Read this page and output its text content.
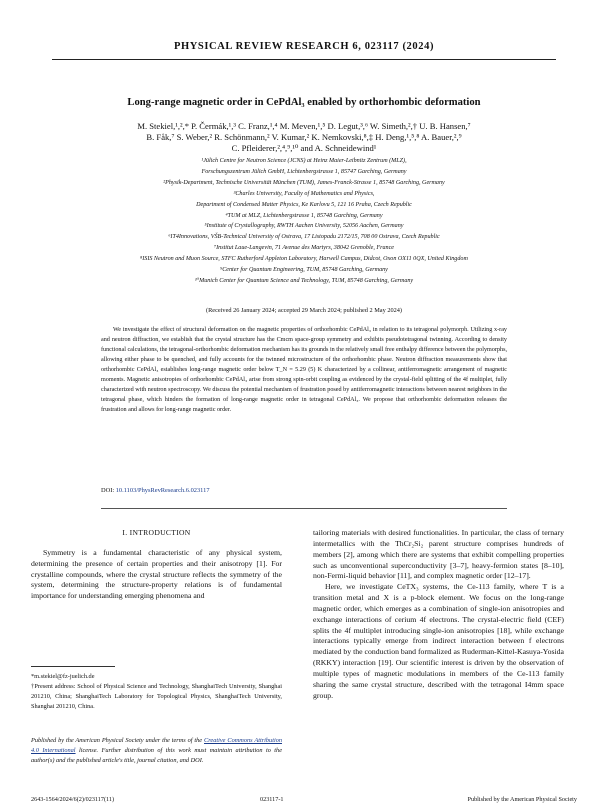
PHYSICAL REVIEW RESEARCH 6, 023117 (2024)
Long-range magnetic order in CePdAl₃ enabled by orthorhombic deformation
M. Stekiel,¹,²,* P. Čermák,¹,³ C. Franz,¹,⁴ M. Meven,¹,⁵ D. Legut,³,⁶ W. Simeth,²,† U. B. Hansen,⁷
B. Fåk,⁷ S. Weber,² R. Schönmann,² V. Kumar,² K. Nemkovski,⁸,‡ H. Deng,¹,⁵,⁸ A. Bauer,²,⁹
C. Pfleiderer,²,⁴,⁹,¹⁰ and A. Schneidewind¹
¹Jülich Centre for Neutron Science (JCNS) at Heinz Maier-Leibnitz Zentrum (MLZ),
Forschungszentrum Jülich GmbH, Lichtenbergstrasse 1, 85747 Garching, Germany
²Physik-Department, Technische Universität München (TUM), James-Franck-Strasse 1, 85748 Garching, Germany
³Charles University, Faculty of Mathematics and Physics,
Department of Condensed Matter Physics, Ke Karlovu 5, 121 16 Praha, Czech Republic
⁴TUM at MLZ, Lichtenbergstrasse 1, 85748 Garching, Germany
⁵Institute of Crystallography, RWTH Aachen University, 52056 Aachen, Germany
⁶IT4Innovations, VŠB-Technical University of Ostrava, 17 Listopadu 2172/15, 708 00 Ostrava, Czech Republic
⁷Institut Laue-Langevin, 71 Avenue des Martyrs, 38042 Grenoble, France
⁸ISIS Neutron and Muon Source, STFC Rutherford Appleton Laboratory, Harwell Campus, Didcot, Oxon OX11 0QX, United Kingdom
⁹Center for Quantum Engineering, TUM, 85748 Garching, Germany
¹⁰Munich Center for Quantum Science and Technology, TUM, 85748 Garching, Germany
(Received 26 January 2024; accepted 29 March 2024; published 2 May 2024)

We investigate the effect of structural deformation on the magnetic properties of orthorhombic CePdAl₃ in relation to its tetragonal polymorph. Utilizing x-ray and neutron diffraction, we establish that the crystal structure has the Cmcm space-group symmetry and exhibits pseudotetragonal twinning. According to density functional calculations, the tetragonal-orthorhombic deformation mechanism has its grounds in the relatively small free enthalpy difference between the polymorphs, allowing either phase to be quenched, and fully accounts for the twinned microstructure of the orthorhombic phase. Neutron diffraction measurements show that orthorhombic CePdAl₃ establishes long-range magnetic order below T_N = 5.29 (5) K characterized by a collinear, antiferromagnetic arrangement of magnetic moments. Magnetic anisotropies of orthorhombic CePdAl₃ arise from strong spin-orbit coupling as evidenced by the crystal-field splitting of the 4f multiplet, fully characterized with neutron spectroscopy. We discuss the potential mechanism of frustration posed by antiferromagnetic interactions between nearest neighbors in the tetragonal phase, which hinders the formation of long-range magnetic order in tetragonal CePdAl₃. We propose that orthorhombic deformation releases the frustration and allows for long-range magnetic order.

DOI: 10.1103/PhysRevResearch.6.023117
I. INTRODUCTION

Symmetry is a fundamental characteristic of any physical system, determining the presence of certain properties and their anisotropy [1]. For crystalline compounds, where the crystal structure reflects the symmetry of the system, determining the structure-property relations is of fundamental importance for understanding emerging phenomena and

*m.stekiel@fz-juelich.de

†Present address: School of Physical Science and Technology, ShanghaiTech University, Shanghai 201210, China; ShanghaiTech Laboratory for Topological Physics, ShanghaiTech University, Shanghai 201210, China.

Published by the American Physical Society under the terms of the Creative Commons Attribution 4.0 International license. Further distribution of this work must maintain attribution to the author(s) and the published article's title, journal citation, and DOI.

tailoring materials with desired functionalities. In particular, the class of ternary intermetallics with the ThCr₂Si₂ parent structure comprises hundreds of members [2], among which there are systems that exhibit compelling properties such as unconventional superconductivity [3–7], heavy-fermion states [8–10], non-Fermi-liquid behavior [11], and complex magnetic order [12–17].

Here, we investigate CeTX₃ systems, the Ce-113 family, where T is a transition metal and X is a p-block element. We focus on the long-range magnetic order, which emerges as a combination of single-ion anisotropies and exchange interactions of cerium 4f electrons. The crystal-electric field (CEF) splits the 4f multiplet introducing single-ion anisotropies [18], while exchange interactions typically emerge from indirect interaction between f electrons mediated by the conduction band formalized as Ruderman-Kittel-Kasuya-Yosida (RKKY) interaction [19]. Our scientific interest is driven by the observation of multiple types of magnetic modulations in members of the Ce-113 family sharing the same crystal structure, described with the tetragonal I4mm space group.

2643-1564/2024/6(2)/023117(11)	023117-1	Published by the American Physical Society
